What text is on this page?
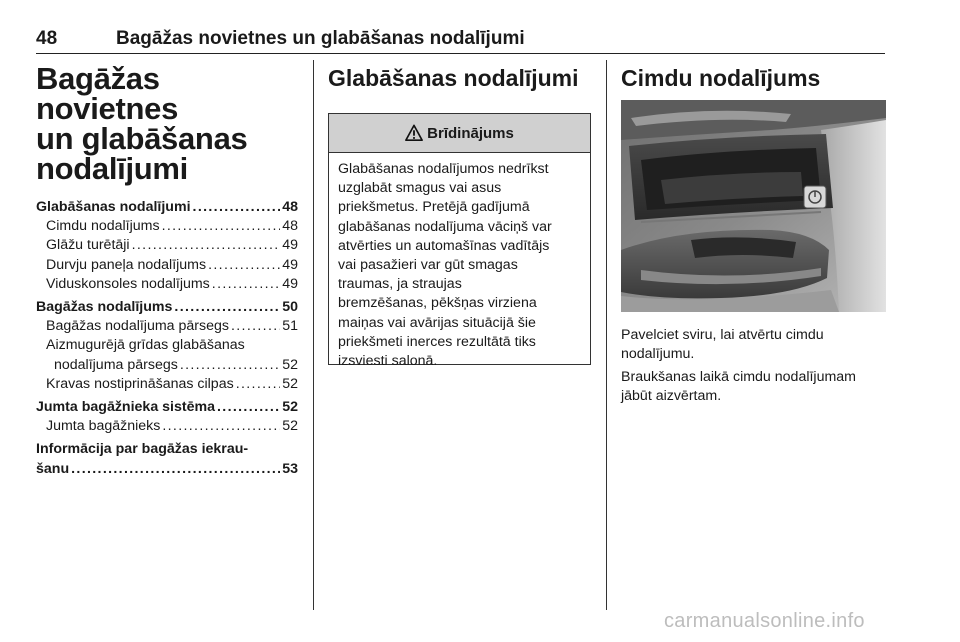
48	Bagāžas novietnes un glabāšanas nodalījumi
Bagāžas novietnes
un glabāšanas
nodalījumi
Glabāšanas nodalījumi . . .	48
Cimdu nodalījums . . .	48
Glāžu turētāji . . .	49
Durvju paneļa nodalījums . . .	49
Viduskonsoles nodalījums . . .	49
Bagāžas nodalījums . . .	50
Bagāžas nodalījuma pārsegs . . .	51
Aizmugurējā grīdas glabāšanas
nodalījuma pārsegs . . .	52
Kravas nostiprināšanas cilpas . . .	52
Jumta bagāžnieka sistēma . . .	52
Jumta bagāžnieks . . .	52
Informācija par bagāžas iekrau-
šanu . . .	53
Glabāšanas nodalījumi
Brīdinājums
Glabāšanas nodalījumos nedrīkst
uzglabāt smagus vai asus
priekšmetus. Pretējā gadījumā
glabāšanas nodalījuma vāciņš var
atvērties un automašīnas vadītājs
vai pasažieri var gūt smagas
traumas, ja straujas
bremzēšanas, pēkšņas virziena
maiņas vai avārijas situācijā šie
priekšmeti inerces rezultātā tiks
izsviesti salonā.
Cimdu nodalījums
Pavelciet sviru, lai atvērtu cimdu
nodalījumu.
Braukšanas laikā cimdu nodalījumam
jābūt aizvērtam.
carmanualsonline.info
